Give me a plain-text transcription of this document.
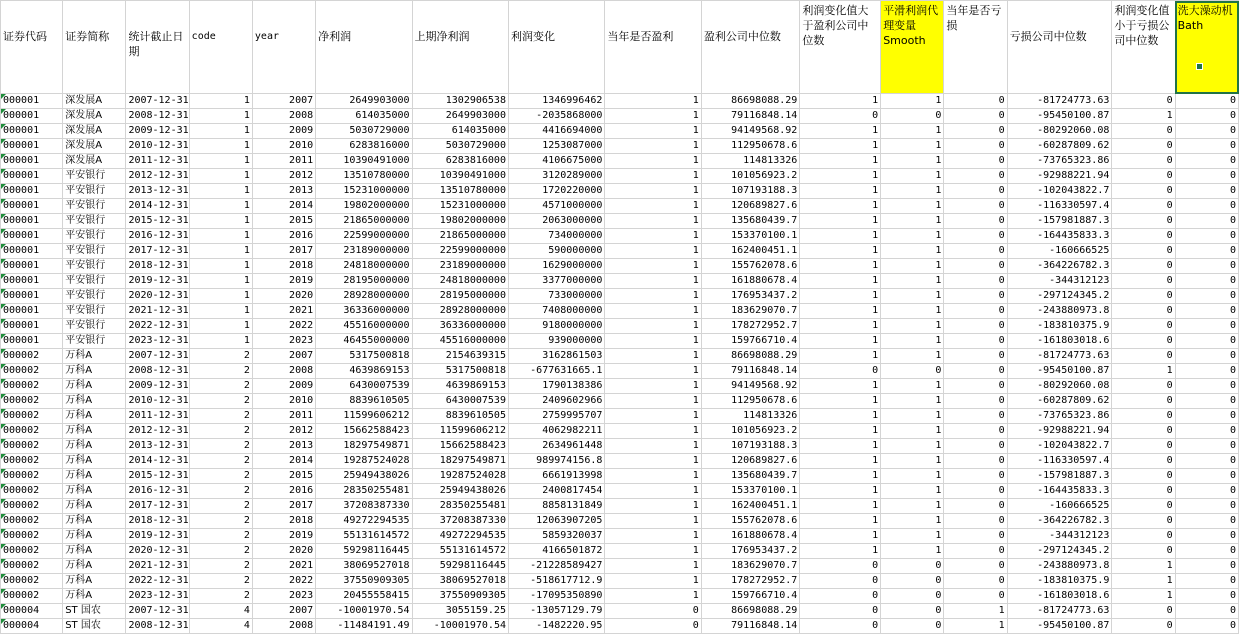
证券代码	证券简称	统计截止日期	code	year	净利润	上期净利润	利润变化	当年是否盈利	盈利公司中位数	利润变化值大于盈利公司中位数	平滑利润代理变量Smooth	当年是否亏损	亏损公司中位数	利润变化值小于亏损公司中位数	洗大澡动机Bath
000001	深发展A	2007-12-31	1	2007	2649903000	1302906538	1346996462	1	86698088.29	1	1	0	-81724773.63	0	0
000001	深发展A	2008-12-31	1	2008	614035000	2649903000	-2035868000	1	79116848.14	0	0	0	-95450100.87	1	0
000001	深发展A	2009-12-31	1	2009	5030729000	614035000	4416694000	1	94149568.92	1	1	0	-80292060.08	0	0
000001	深发展A	2010-12-31	1	2010	6283816000	5030729000	1253087000	1	112950678.6	1	1	0	-60287809.62	0	0
000001	深发展A	2011-12-31	1	2011	10390491000	6283816000	4106675000	1	114813326	1	1	0	-73765323.86	0	0
000001	平安银行	2012-12-31	1	2012	13510780000	10390491000	3120289000	1	101056923.2	1	1	0	-92988221.94	0	0
000001	平安银行	2013-12-31	1	2013	15231000000	13510780000	1720220000	1	107193188.3	1	1	0	-102043822.7	0	0
000001	平安银行	2014-12-31	1	2014	19802000000	15231000000	4571000000	1	120689827.6	1	1	0	-116330597.4	0	0
000001	平安银行	2015-12-31	1	2015	21865000000	19802000000	2063000000	1	135680439.7	1	1	0	-157981887.3	0	0
000001	平安银行	2016-12-31	1	2016	22599000000	21865000000	734000000	1	153370100.1	1	1	0	-164435833.3	0	0
000001	平安银行	2017-12-31	1	2017	23189000000	22599000000	590000000	1	162400451.1	1	1	0	-160666525	0	0
000001	平安银行	2018-12-31	1	2018	24818000000	23189000000	1629000000	1	155762078.6	1	1	0	-364226782.3	0	0
000001	平安银行	2019-12-31	1	2019	28195000000	24818000000	3377000000	1	161880678.4	1	1	0	-344312123	0	0
000001	平安银行	2020-12-31	1	2020	28928000000	28195000000	733000000	1	176953437.2	1	1	0	-297124345.2	0	0
000001	平安银行	2021-12-31	1	2021	36336000000	28928000000	7408000000	1	183629070.7	1	1	0	-243880973.8	0	0
000001	平安银行	2022-12-31	1	2022	45516000000	36336000000	9180000000	1	178272952.7	1	1	0	-183810375.9	0	0
000001	平安银行	2023-12-31	1	2023	46455000000	45516000000	939000000	1	159766710.4	1	1	0	-161803018.6	0	0
000002	万科A	2007-12-31	2	2007	5317500818	2154639315	3162861503	1	86698088.29	1	1	0	-81724773.63	0	0
000002	万科A	2008-12-31	2	2008	4639869153	5317500818	-677631665.1	1	79116848.14	0	0	0	-95450100.87	1	0
000002	万科A	2009-12-31	2	2009	6430007539	4639869153	1790138386	1	94149568.92	1	1	0	-80292060.08	0	0
000002	万科A	2010-12-31	2	2010	8839610505	6430007539	2409602966	1	112950678.6	1	1	0	-60287809.62	0	0
000002	万科A	2011-12-31	2	2011	11599606212	8839610505	2759995707	1	114813326	1	1	0	-73765323.86	0	0
000002	万科A	2012-12-31	2	2012	15662588423	11599606212	4062982211	1	101056923.2	1	1	0	-92988221.94	0	0
000002	万科A	2013-12-31	2	2013	18297549871	15662588423	2634961448	1	107193188.3	1	1	0	-102043822.7	0	0
000002	万科A	2014-12-31	2	2014	19287524028	18297549871	989974156.8	1	120689827.6	1	1	0	-116330597.4	0	0
000002	万科A	2015-12-31	2	2015	25949438026	19287524028	6661913998	1	135680439.7	1	1	0	-157981887.3	0	0
000002	万科A	2016-12-31	2	2016	28350255481	25949438026	2400817454	1	153370100.1	1	1	0	-164435833.3	0	0
000002	万科A	2017-12-31	2	2017	37208387330	28350255481	8858131849	1	162400451.1	1	1	0	-160666525	0	0
000002	万科A	2018-12-31	2	2018	49272294535	37208387330	12063907205	1	155762078.6	1	1	0	-364226782.3	0	0
000002	万科A	2019-12-31	2	2019	55131614572	49272294535	5859320037	1	161880678.4	1	1	0	-344312123	0	0
000002	万科A	2020-12-31	2	2020	59298116445	55131614572	4166501872	1	176953437.2	1	1	0	-297124345.2	0	0
000002	万科A	2021-12-31	2	2021	38069527018	59298116445	-21228589427	1	183629070.7	0	0	0	-243880973.8	1	0
000002	万科A	2022-12-31	2	2022	37550909305	38069527018	-518617712.9	1	178272952.7	0	0	0	-183810375.9	1	0
000002	万科A	2023-12-31	2	2023	20455558415	37550909305	-17095350890	1	159766710.4	0	0	0	-161803018.6	1	0
000004	ST 国农	2007-12-31	4	2007	-10001970.54	3055159.25	-13057129.79	0	86698088.29	0	0	1	-81724773.63	0	0
000004	ST 国农	2008-12-31	4	2008	-11484191.49	-10001970.54	-1482220.95	0	79116848.14	0	0	1	-95450100.87	0	0
